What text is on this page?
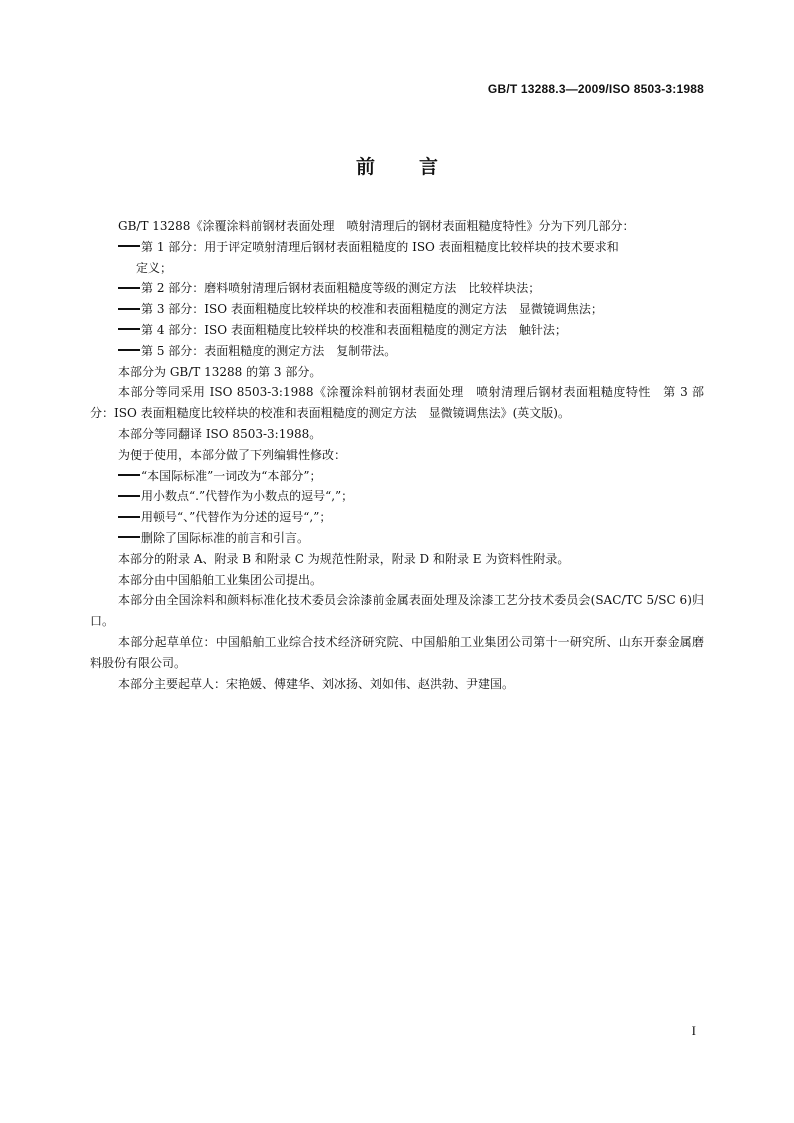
GB/T 13288.3—2009/ISO 8503-3:1988
前 言

GB/T 13288《涂覆涂料前钢材表面处理　喷射清理后的钢材表面粗糙度特性》分为下列几部分：

第 1 部分：用于评定喷射清理后钢材表面粗糙度的 ISO 表面粗糙度比较样块的技术要求和
定义；

第 2 部分：磨料喷射清理后钢材表面粗糙度等级的测定方法　比较样块法；

第 3 部分：ISO 表面粗糙度比较样块的校准和表面粗糙度的测定方法　显微镜调焦法；

第 4 部分：ISO 表面粗糙度比较样块的校准和表面粗糙度的测定方法　触针法；

第 5 部分：表面粗糙度的测定方法　复制带法。

本部分为 GB/T 13288 的第 3 部分。

本部分等同采用 ISO 8503-3:1988《涂覆涂料前钢材表面处理　喷射清理后钢材表面粗糙度特性　第 3 部分：ISO 表面粗糙度比较样块的校准和表面粗糙度的测定方法　显微镜调焦法》(英文版)。

本部分等同翻译 ISO 8503-3:1988。

为便于使用，本部分做了下列编辑性修改：

“本国际标准”一词改为“本部分”；

用小数点“.”代替作为小数点的逗号“,”；

用顿号“、”代替作为分述的逗号“,”；

删除了国际标准的前言和引言。

本部分的附录 A、附录 B 和附录 C 为规范性附录，附录 D 和附录 E 为资料性附录。

本部分由中国船舶工业集团公司提出。

本部分由全国涂料和颜料标准化技术委员会涂漆前金属表面处理及涂漆工艺分技术委员会(SAC/TC 5/SC 6)归口。

本部分起草单位：中国船舶工业综合技术经济研究院、中国船舶工业集团公司第十一研究所、山东开泰金属磨料股份有限公司。

本部分主要起草人：宋艳媛、傅建华、刘冰扬、刘如伟、赵洪勃、尹建国。

I
